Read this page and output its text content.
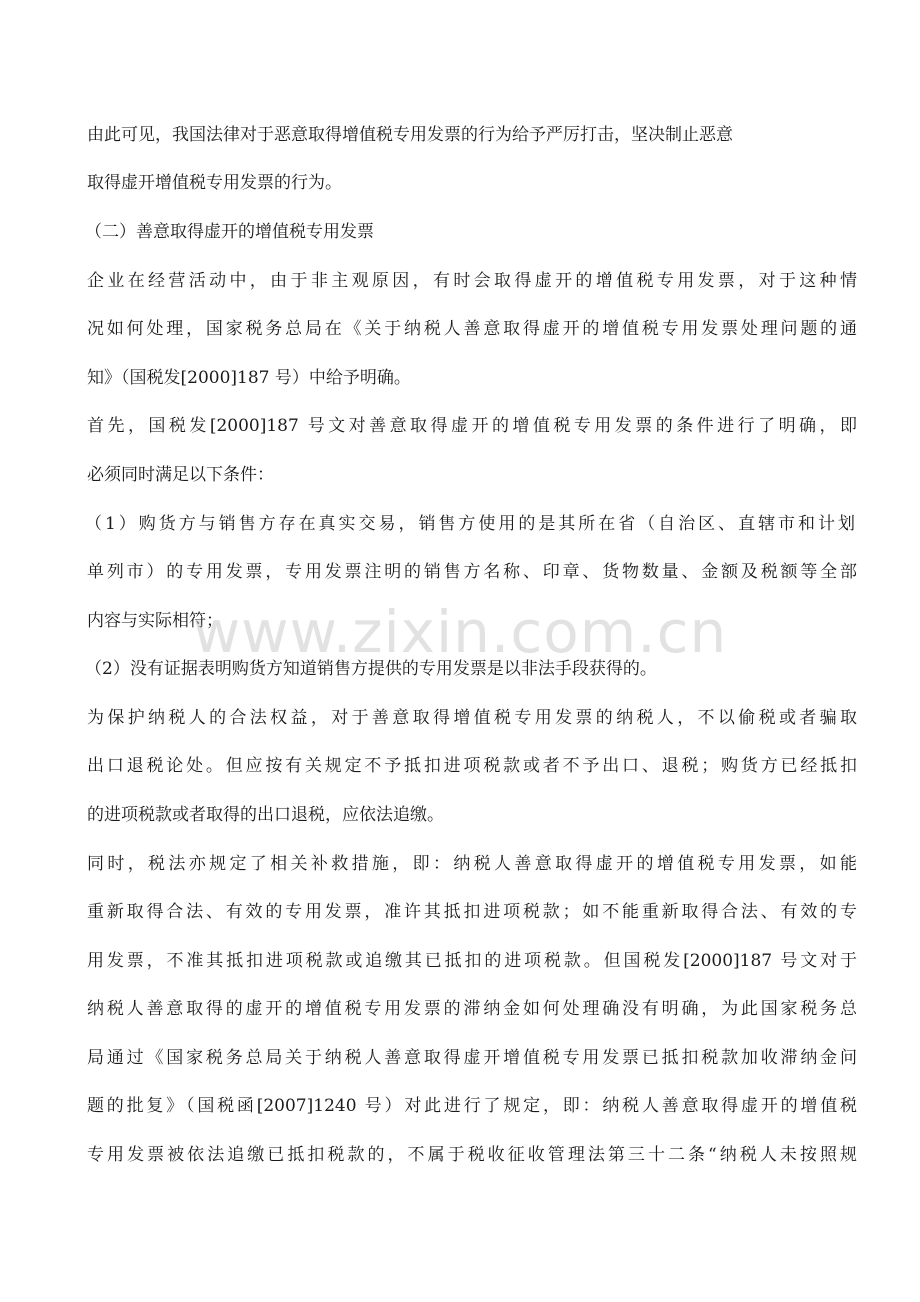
由此可见，我国法律对于恶意取得增值税专用发票的行为给予严厉打击，坚决制止恶意
取得虚开增值税专用发票的行为。
（二）善意取得虚开的增值税专用发票
企业在经营活动中，由于非主观原因，有时会取得虚开的增值税专用发票，对于这种情
况如何处理，国家税务总局在《关于纳税人善意取得虚开的增值税专用发票处理问题的通
知》（国税发[2000]187 号）中给予明确。
首先，国税发[2000]187 号文对善意取得虚开的增值税专用发票的条件进行了明确，即
必须同时满足以下条件：
（1）购货方与销售方存在真实交易，销售方使用的是其所在省（自治区、直辖市和计划
单列市）的专用发票，专用发票注明的销售方名称、印章、货物数量、金额及税额等全部
内容与实际相符；
（2）没有证据表明购货方知道销售方提供的专用发票是以非法手段获得的。
为保护纳税人的合法权益，对于善意取得增值税专用发票的纳税人，不以偷税或者骗取
出口退税论处。但应按有关规定不予抵扣进项税款或者不予出口、退税；购货方已经抵扣
的进项税款或者取得的出口退税，应依法追缴。
同时，税法亦规定了相关补救措施，即：纳税人善意取得虚开的增值税专用发票，如能
重新取得合法、有效的专用发票，准许其抵扣进项税款；如不能重新取得合法、有效的专
用发票，不准其抵扣进项税款或追缴其已抵扣的进项税款。但国税发[2000]187 号文对于
纳税人善意取得的虚开的增值税专用发票的滞纳金如何处理确没有明确，为此国家税务总
局通过《国家税务总局关于纳税人善意取得虚开增值税专用发票已抵扣税款加收滞纳金问
题的批复》（国税函[2007]1240 号）对此进行了规定，即：纳税人善意取得虚开的增值税
专用发票被依法追缴已抵扣税款的，不属于税收征收管理法第三十二条“纳税人未按照规
www.zixin.com.cn
